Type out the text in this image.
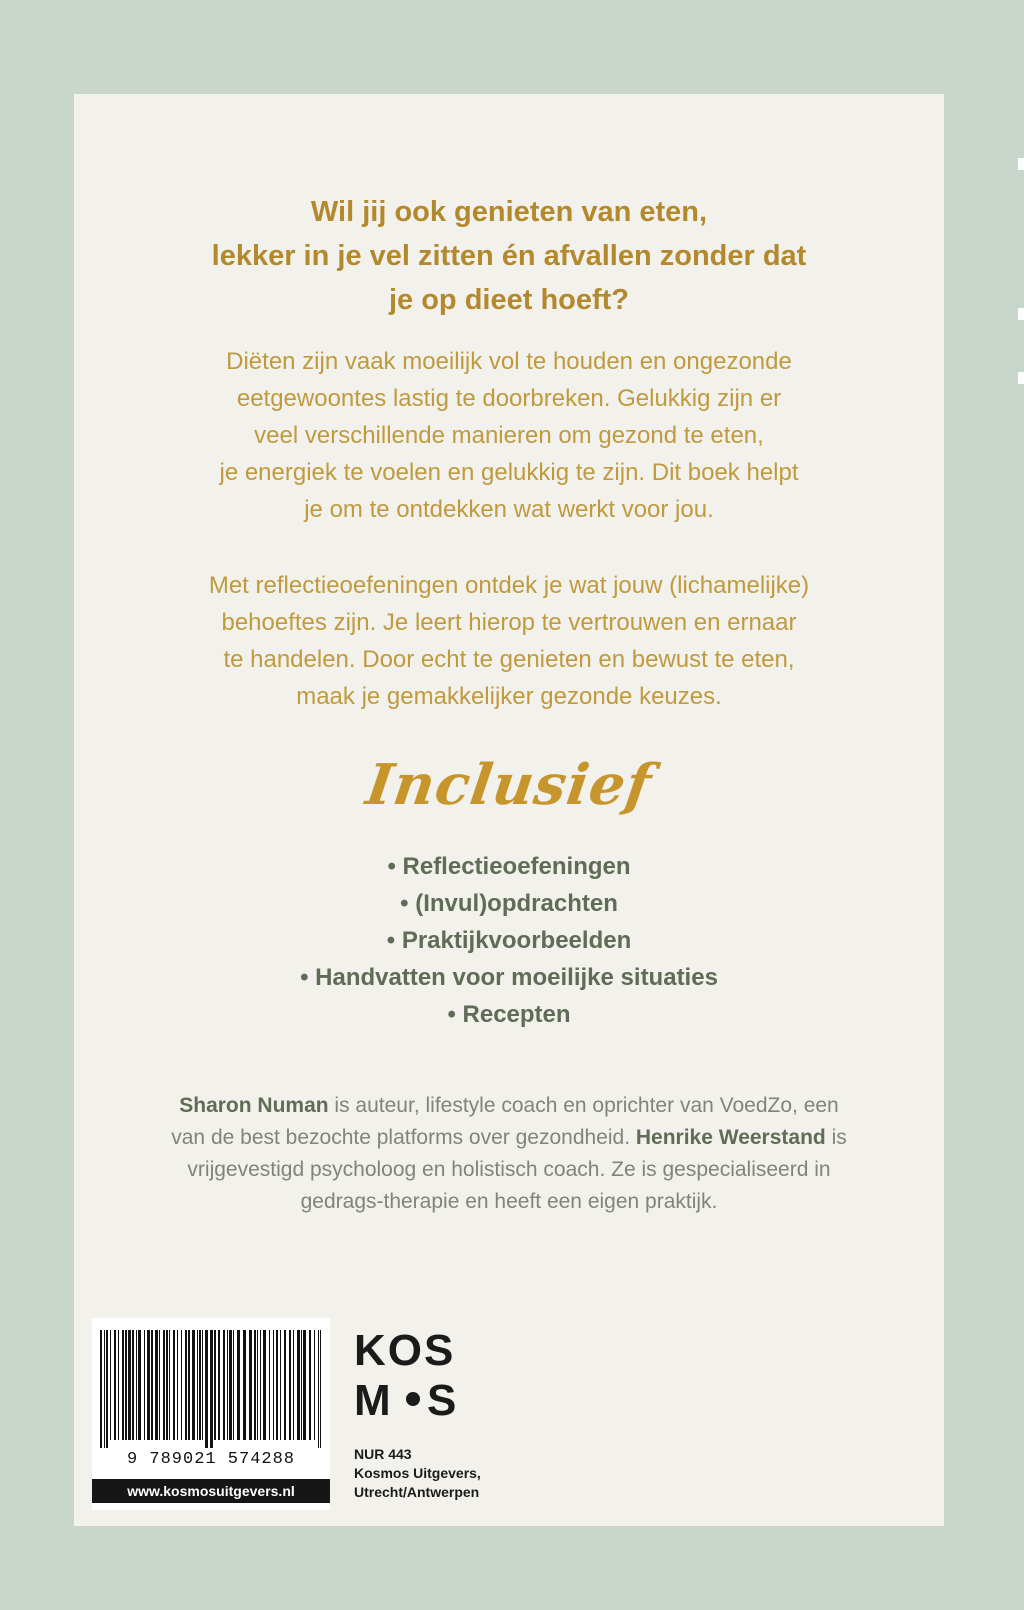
Wil jij ook genieten van eten,
lekker in je vel zitten én afvallen zonder dat
je op dieet hoeft?
Diëten zijn vaak moeilijk vol te houden en ongezonde
eetgewoontes lastig te doorbreken. Gelukkig zijn er
veel verschillende manieren om gezond te eten,
je energiek te voelen en gelukkig te zijn. Dit boek helpt
je om te ontdekken wat werkt voor jou.
Met reflectieoefeningen ontdek je wat jouw (lichamelijke)
behoeftes zijn. Je leert hierop te vertrouwen en ernaar
te handelen. Door echt te genieten en bewust te eten,
maak je gemakkelijker gezonde keuzes.
Inclusief
• Reflectieoefeningen
• (Invul)opdrachten
• Praktijkvoorbeelden
• Handvatten voor moeilijke situaties
• Recepten
Sharon Numan is auteur, lifestyle coach en oprichter van VoedZo, een van de best bezochte platforms over gezondheid. Henrike Weerstand is vrijgevestigd psycholoog en holistisch coach. Ze is gespecialiseerd in gedrags-therapie en heeft een eigen praktijk.
9 789021 574288
www.kosmosuitgevers.nl
KOS
M S
NUR 443
Kosmos Uitgevers,
Utrecht/Antwerpen
